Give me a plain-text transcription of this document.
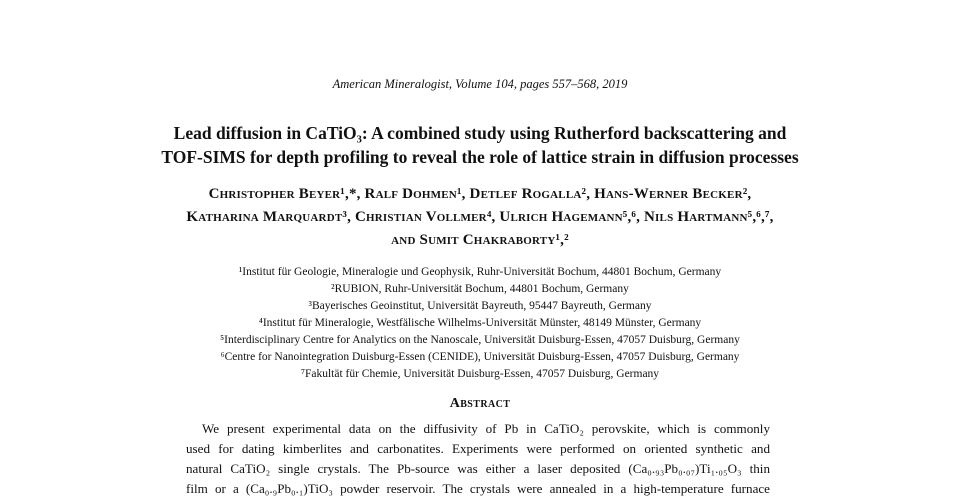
American Mineralogist, Volume 104, pages 557–568, 2019
Lead diffusion in CaTiO₃: A combined study using Rutherford backscattering and
TOF-SIMS for depth profiling to reveal the role of lattice strain in diffusion processes
Christopher Beyer¹,*, Ralf Dohmen¹, Detlef Rogalla², Hans-Werner Becker²,
Katharina Marquardt³, Christian Vollmer⁴, Ulrich Hagemann⁵,⁶, Nils Hartmann⁵,⁶,⁷,
and Sumit Chakraborty¹,²
¹Institut für Geologie, Mineralogie und Geophysik, Ruhr-Universität Bochum, 44801 Bochum, Germany
²RUBION, Ruhr-Universität Bochum, 44801 Bochum, Germany
³Bayerisches Geoinstitut, Universität Bayreuth, 95447 Bayreuth, Germany
⁴Institut für Mineralogie, Westfälische Wilhelms-Universität Münster, 48149 Münster, Germany
⁵Interdisciplinary Centre for Analytics on the Nanoscale, Universität Duisburg-Essen, 47057 Duisburg, Germany
⁶Centre for Nanointegration Duisburg-Essen (CENIDE), Universität Duisburg-Essen, 47057 Duisburg, Germany
⁷Fakultät für Chemie, Universität Duisburg-Essen, 47057 Duisburg, Germany
Abstract
We present experimental data on the diffusivity of Pb in CaTiO₂ perovskite, which is commonly
used for dating kimberlites and carbonatites. Experiments were performed on oriented synthetic and
natural CaTiO₂ single crystals. The Pb-source was either a laser deposited (Ca₀.₉₃Pb₀.₀₇)Ti₁.₀₅O₃ thin
film or a (Ca₀.₉Pb₀.₁)TiO₃ powder reservoir. The crystals were annealed in a high-temperature furnace
